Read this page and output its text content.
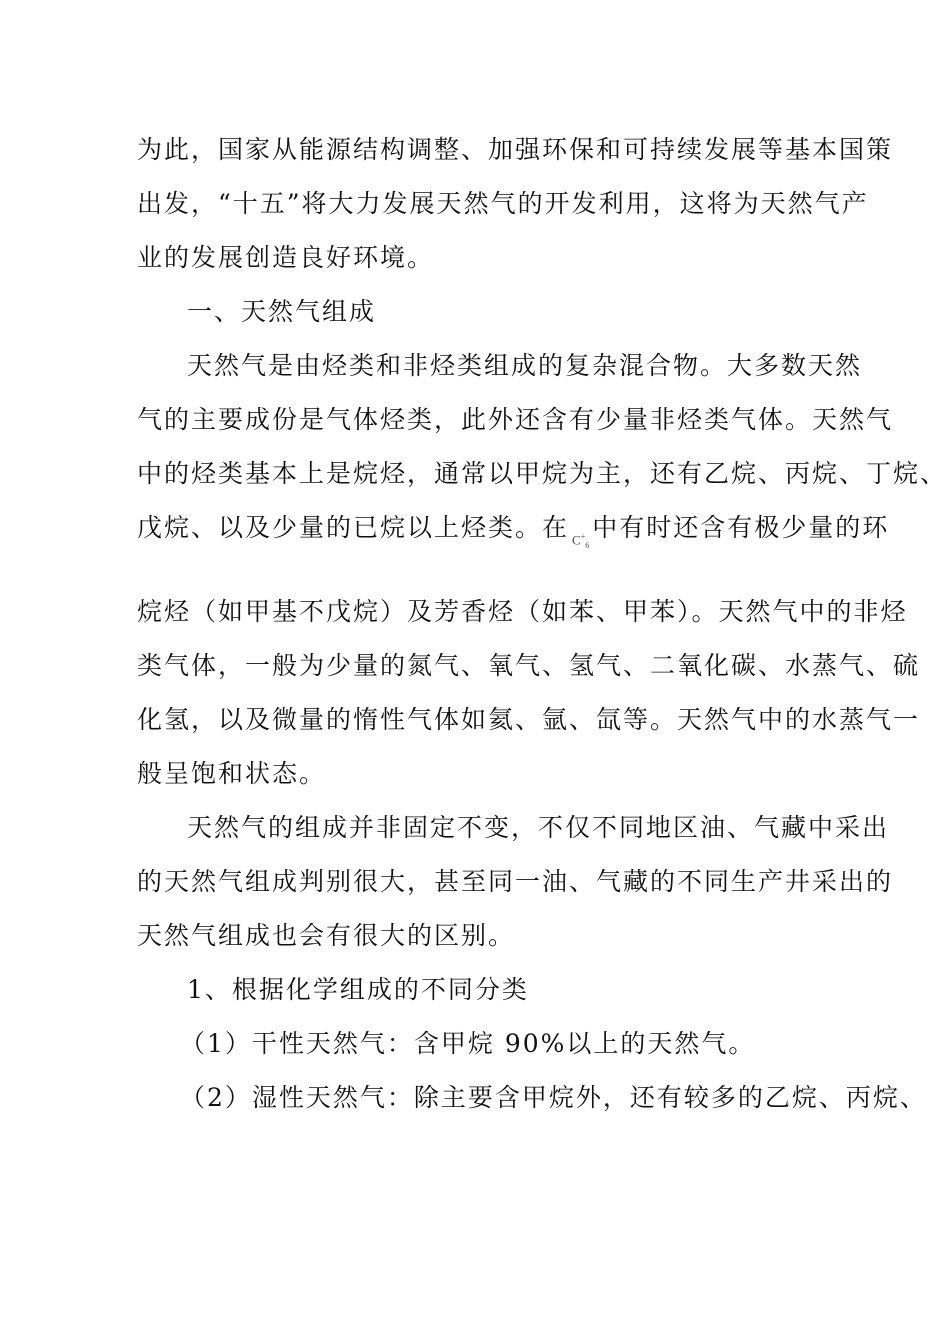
为此，国家从能源结构调整、加强环保和可持续发展等基本国策
出发，“十五”将大力发展天然气的开发利用，这将为天然气产
业的发展创造良好环境。
一、天然气组成
天然气是由烃类和非烃类组成的复杂混合物。大多数天然
气的主要成份是气体烃类，此外还含有少量非烃类气体。天然气
中的烃类基本上是烷烃，通常以甲烷为主，还有乙烷、丙烷、丁烷、
戊烷、以及少量的已烷以上烃类。在 $C^+_6$中有时还含有极少量的环
烷烃（如甲基不戊烷）及芳香烃（如苯、甲苯）。天然气中的非烃
类气体，一般为少量的氮气、氧气、氢气、二氧化碳、水蒸气、硫
化氢，以及微量的惰性气体如氦、氩、氙等。天然气中的水蒸气一
般呈饱和状态。
天然气的组成并非固定不变，不仅不同地区油、气藏中采出
的天然气组成判别很大，甚至同一油、气藏的不同生产井采出的
天然气组成也会有很大的区别。
1、根据化学组成的不同分类
（1）干性天然气：含甲烷 90%以上的天然气。
（2）湿性天然气：除主要含甲烷外，还有较多的乙烷、丙烷、
